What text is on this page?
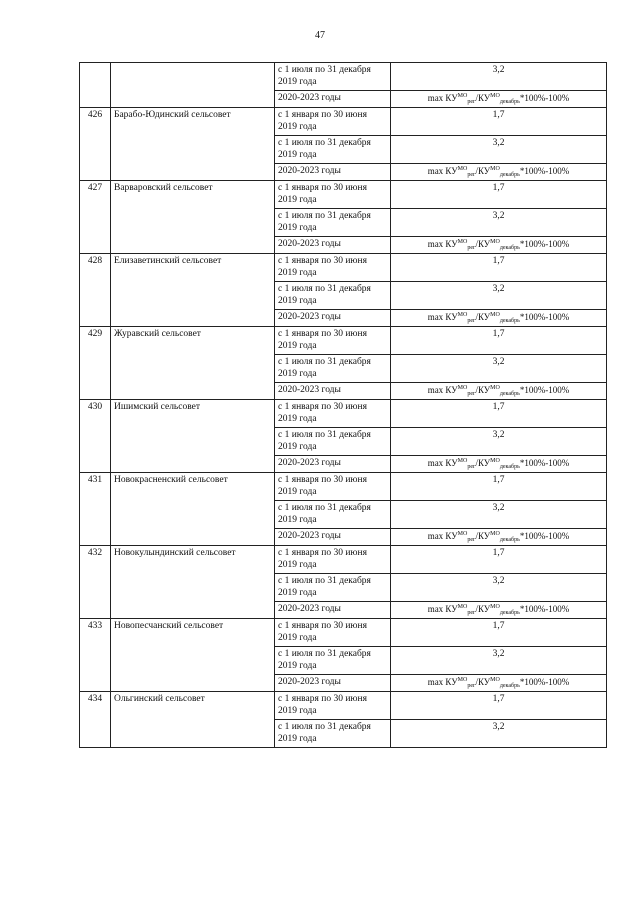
47
		с 1 июля по 31 декабря 2019 года	3,2
		2020-2023 годы	$\max КУ^{МО}_{рег}/КУ^{МО}_{декабрь}*100\%-100\%$
426	Барабо-Юдинский сельсовет	с 1 января по 30 июня 2019 года	1,7
		с 1 июля по 31 декабря 2019 года	3,2
		2020-2023 годы	$\max КУ^{МО}_{рег}/КУ^{МО}_{декабрь}*100\%-100\%$
427	Варваровский сельсовет	с 1 января по 30 июня 2019 года	1,7
		с 1 июля по 31 декабря 2019 года	3,2
		2020-2023 годы	$\max КУ^{МО}_{рег}/КУ^{МО}_{декабрь}*100\%-100\%$
428	Елизаветинский сельсовет	с 1 января по 30 июня 2019 года	1,7
		с 1 июля по 31 декабря 2019 года	3,2
		2020-2023 годы	$\max КУ^{МО}_{рег}/КУ^{МО}_{декабрь}*100\%-100\%$
429	Журавский сельсовет	с 1 января по 30 июня 2019 года	1,7
		с 1 июля по 31 декабря 2019 года	3,2
		2020-2023 годы	$\max КУ^{МО}_{рег}/КУ^{МО}_{декабрь}*100\%-100\%$
430	Ишимский сельсовет	с 1 января по 30 июня 2019 года	1,7
		с 1 июля по 31 декабря 2019 года	3,2
		2020-2023 годы	$\max КУ^{МО}_{рег}/КУ^{МО}_{декабрь}*100\%-100\%$
431	Новокрасненский сельсовет	с 1 января по 30 июня 2019 года	1,7
		с 1 июля по 31 декабря 2019 года	3,2
		2020-2023 годы	$\max КУ^{МО}_{рег}/КУ^{МО}_{декабрь}*100\%-100\%$
432	Новокулындинский сельсовет	с 1 января по 30 июня 2019 года	1,7
		с 1 июля по 31 декабря 2019 года	3,2
		2020-2023 годы	$\max КУ^{МО}_{рег}/КУ^{МО}_{декабрь}*100\%-100\%$
433	Новопесчанский сельсовет	с 1 января по 30 июня 2019 года	1,7
		с 1 июля по 31 декабря 2019 года	3,2
		2020-2023 годы	$\max КУ^{МО}_{рег}/КУ^{МО}_{декабрь}*100\%-100\%$
434	Ольгинский сельсовет	с 1 января по 30 июня 2019 года	1,7
		с 1 июля по 31 декабря 2019 года	3,2
